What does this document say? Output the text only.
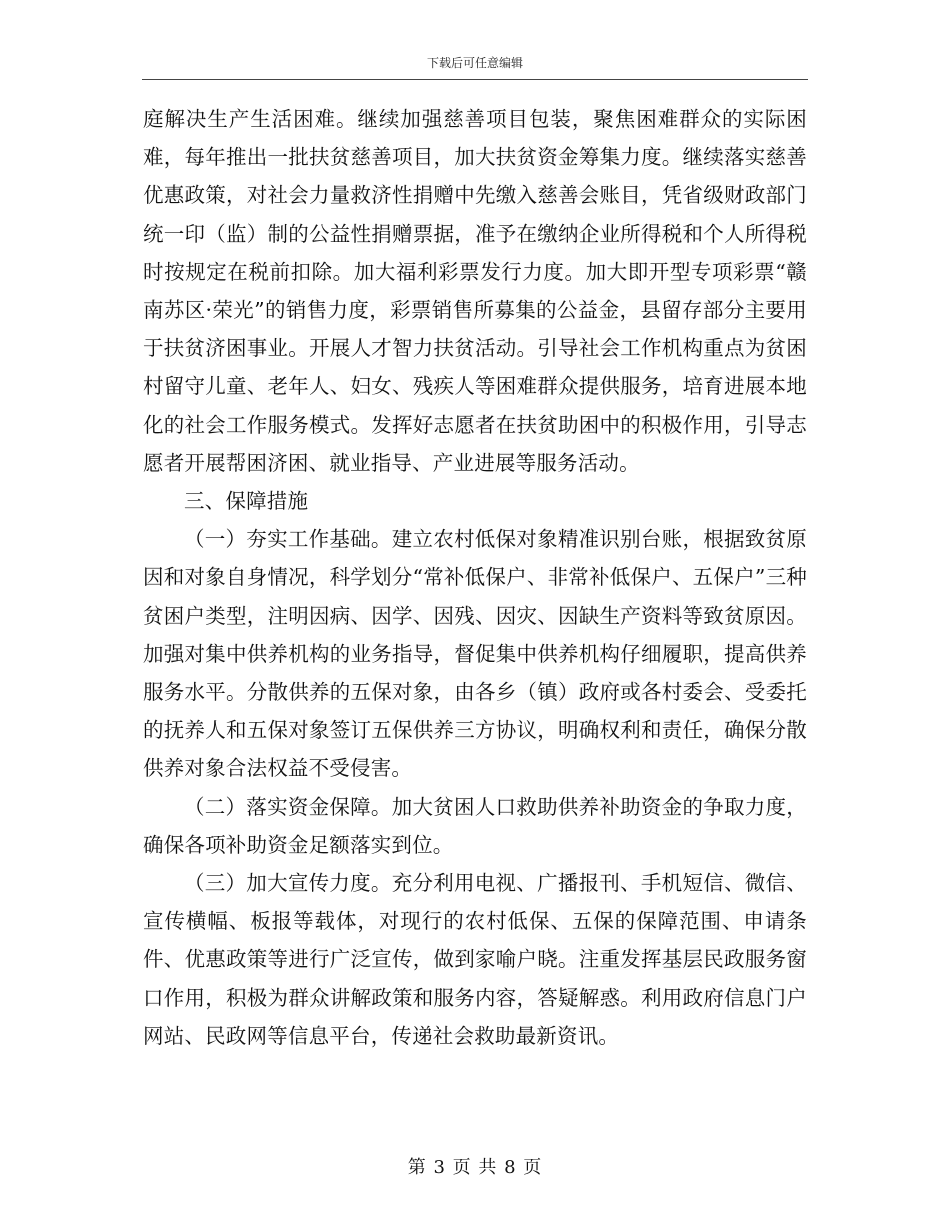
下载后可任意编辑

庭解决生产生活困难。继续加强慈善项目包装，聚焦困难群众的实际困难，每年推出一批扶贫慈善项目，加大扶贫资金筹集力度。继续落实慈善优惠政策，对社会力量救济性捐赠中先缴入慈善会账目，凭省级财政部门统一印（监）制的公益性捐赠票据，准予在缴纳企业所得税和个人所得税时按规定在税前扣除。加大福利彩票发行力度。加大即开型专项彩票“赣南苏区·荣光”的销售力度，彩票销售所募集的公益金，县留存部分主要用于扶贫济困事业。开展人才智力扶贫活动。引导社会工作机构重点为贫困村留守儿童、老年人、妇女、残疾人等困难群众提供服务，培育进展本地化的社会工作服务模式。发挥好志愿者在扶贫助困中的积极作用，引导志愿者开展帮困济困、就业指导、产业进展等服务活动。

三、保障措施

（一）夯实工作基础。建立农村低保对象精准识别台账，根据致贫原因和对象自身情况，科学划分“常补低保户、非常补低保户、五保户”三种贫困户类型，注明因病、因学、因残、因灾、因缺生产资料等致贫原因。加强对集中供养机构的业务指导，督促集中供养机构仔细履职，提高供养服务水平。分散供养的五保对象，由各乡（镇）政府或各村委会、受委托的抚养人和五保对象签订五保供养三方协议，明确权利和责任，确保分散供养对象合法权益不受侵害。

（二）落实资金保障。加大贫困人口救助供养补助资金的争取力度，确保各项补助资金足额落实到位。

（三）加大宣传力度。充分利用电视、广播报刊、手机短信、微信、宣传横幅、板报等载体，对现行的农村低保、五保的保障范围、申请条件、优惠政策等进行广泛宣传，做到家喻户晓。注重发挥基层民政服务窗口作用，积极为群众讲解政策和服务内容，答疑解惑。利用政府信息门户网站、民政网等信息平台，传递社会救助最新资讯。

第 3 页 共 8 页
